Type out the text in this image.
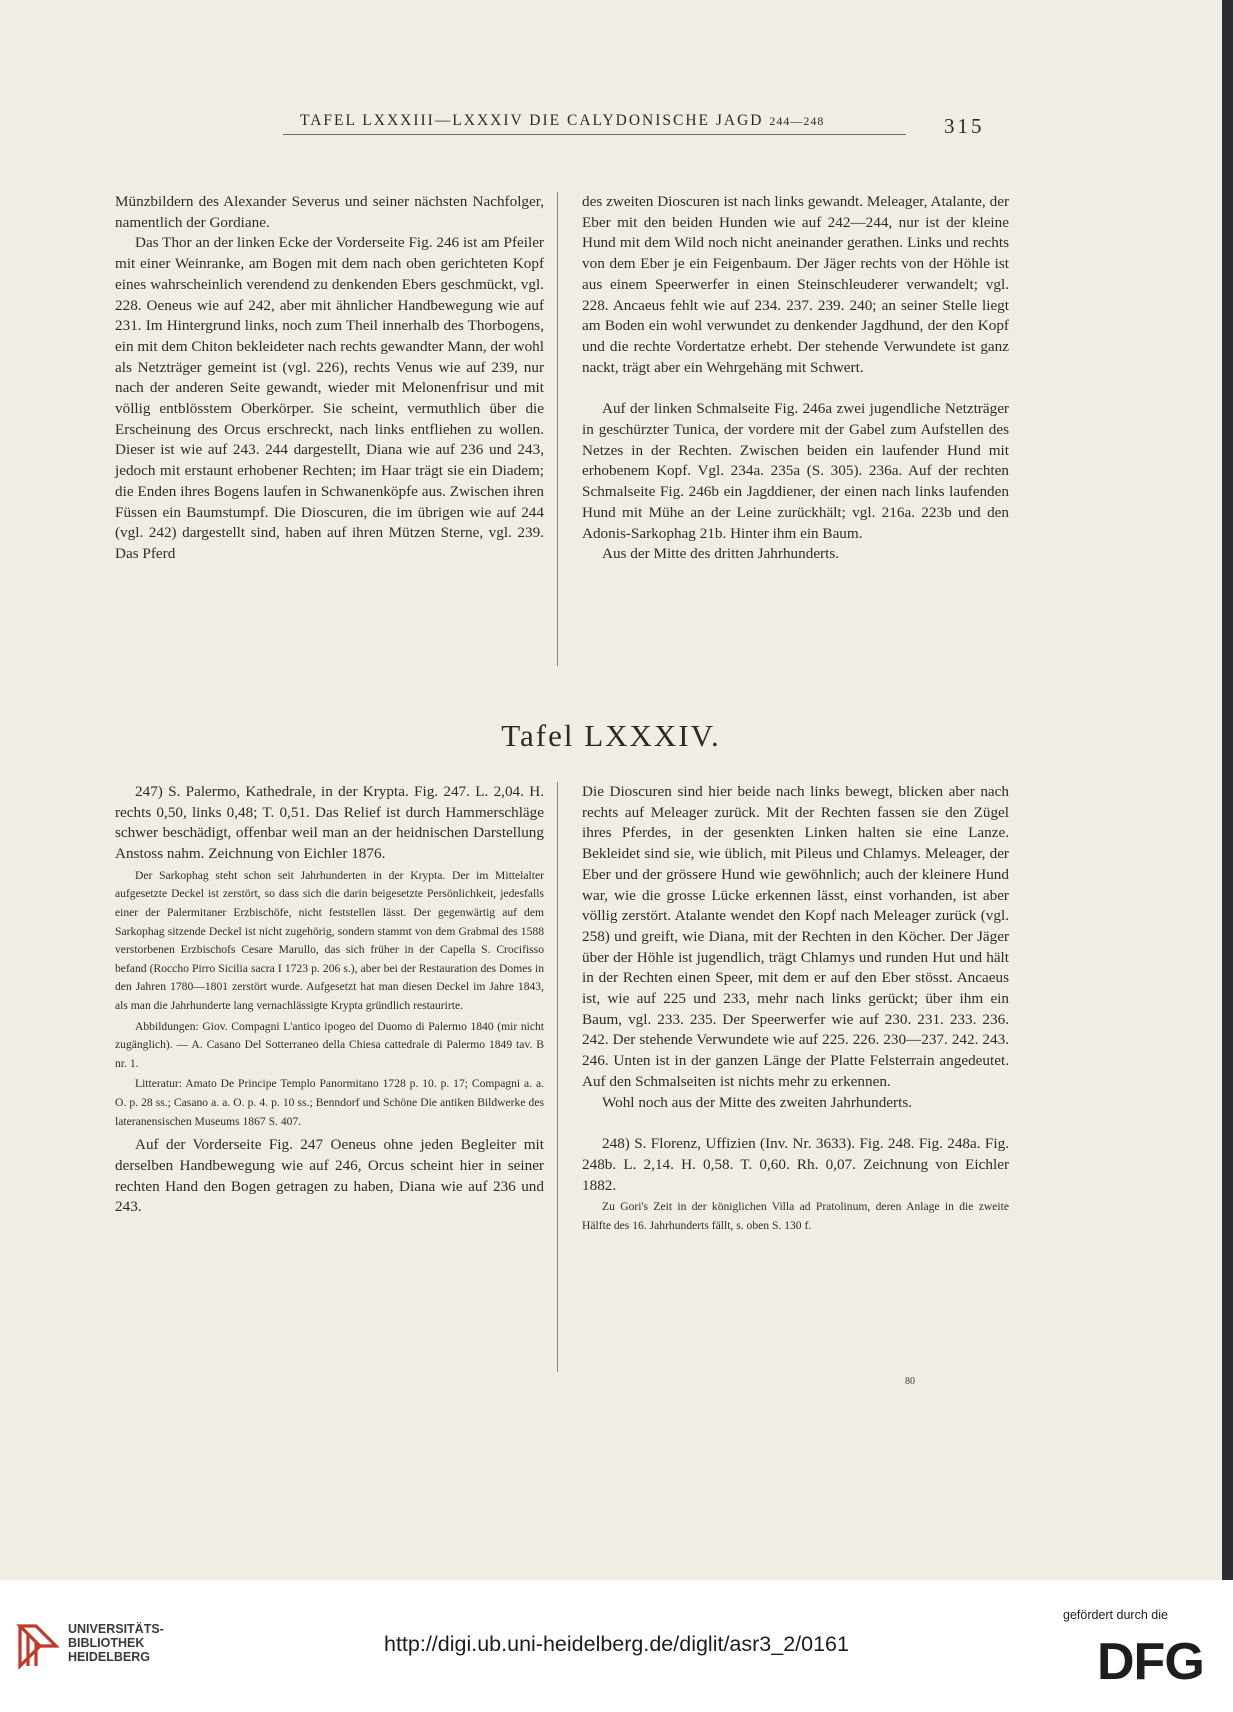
TAFEL LXXXIII—LXXXIV DIE CALYDONISCHE JAGD 244—248	315

Münzbildern des Alexander Severus und seiner nächsten Nachfolger, namentlich der Gordiane.

Das Thor an der linken Ecke der Vorderseite Fig. 246 ist am Pfeiler mit einer Weinranke, am Bogen mit dem nach oben gerichteten Kopf eines wahrscheinlich verendend zu denkenden Ebers geschmückt, vgl. 228. Oeneus wie auf 242, aber mit ähnlicher Handbewegung wie auf 231. Im Hintergrund links, noch zum Theil innerhalb des Thorbogens, ein mit dem Chiton bekleideter nach rechts gewandter Mann, der wohl als Netzträger gemeint ist (vgl. 226), rechts Venus wie auf 239, nur nach der anderen Seite gewandt, wieder mit Melonenfrisur und mit völlig entblösstem Oberkörper. Sie scheint, vermuthlich über die Erscheinung des Orcus erschreckt, nach links entfliehen zu wollen. Dieser ist wie auf 243. 244 dargestellt, Diana wie auf 236 und 243, jedoch mit erstaunt erhobener Rechten; im Haar trägt sie ein Diadem; die Enden ihres Bogens laufen in Schwanenköpfe aus. Zwischen ihren Füssen ein Baumstumpf. Die Dioscuren, die im übrigen wie auf 244 (vgl. 242) dargestellt sind, haben auf ihren Mützen Sterne, vgl. 239. Das Pferd

des zweiten Dioscuren ist nach links gewandt. Meleager, Atalante, der Eber mit den beiden Hunden wie auf 242—244, nur ist der kleine Hund mit dem Wild noch nicht aneinander gerathen. Links und rechts von dem Eber je ein Feigenbaum. Der Jäger rechts von der Höhle ist aus einem Speerwerfer in einen Steinschleuderer verwandelt; vgl. 228. Ancaeus fehlt wie auf 234. 237. 239. 240; an seiner Stelle liegt am Boden ein wohl verwundet zu denkender Jagdhund, der den Kopf und die rechte Vordertatze erhebt. Der stehende Verwundete ist ganz nackt, trägt aber ein Wehrgehäng mit Schwert.

Auf der linken Schmalseite Fig. 246a zwei jugendliche Netzträger in geschürzter Tunica, der vordere mit der Gabel zum Aufstellen des Netzes in der Rechten. Zwischen beiden ein laufender Hund mit erhobenem Kopf. Vgl. 234a. 235a (S. 305). 236a. Auf der rechten Schmalseite Fig. 246b ein Jagddiener, der einen nach links laufenden Hund mit Mühe an der Leine zurückhält; vgl. 216a. 223b und den Adonis-Sarkophag 21b. Hinter ihm ein Baum.

Aus der Mitte des dritten Jahrhunderts.

Tafel LXXXIV.

247) S. Palermo, Kathedrale, in der Krypta. Fig. 247. L. 2,04. H. rechts 0,50, links 0,48; T. 0,51. Das Relief ist durch Hammerschläge schwer beschädigt, offenbar weil man an der heidnischen Darstellung Anstoss nahm. Zeichnung von Eichler 1876.

Der Sarkophag steht schon seit Jahrhunderten in der Krypta. Der im Mittelalter aufgesetzte Deckel ist zerstört, so dass sich die darin beigesetzte Persönlichkeit, jedesfalls einer der Palermitaner Erzbischöfe, nicht feststellen lässt. Der gegenwärtig auf dem Sarkophag sitzende Deckel ist nicht zugehörig, sondern stammt von dem Grabmal des 1588 verstorbenen Erzbischofs Cesare Marullo, das sich früher in der Capella S. Crocifisso befand (Roccho Pirro Sicilia sacra I 1723 p. 206 s.), aber bei der Restauration des Domes in den Jahren 1780—1801 zerstört wurde. Aufgesetzt hat man diesen Deckel im Jahre 1843, als man die Jahrhunderte lang vernachlässigte Krypta gründlich restaurirte.

Abbildungen: Giov. Compagni L'antico ipogeo del Duomo di Palermo 1840 (mir nicht zugänglich). — A. Casano Del Sotterraneo della Chiesa cattedrale di Palermo 1849 tav. B nr. 1.

Litteratur: Amato De Principe Templo Panormitano 1728 p. 10. p. 17; Compagni a. a. O. p. 28 ss.; Casano a. a. O. p. 4. p. 10 ss.; Benndorf und Schöne Die antiken Bildwerke des lateranensischen Museums 1867 S. 407.

Auf der Vorderseite Fig. 247 Oeneus ohne jeden Begleiter mit derselben Handbewegung wie auf 246, Orcus scheint hier in seiner rechten Hand den Bogen getragen zu haben, Diana wie auf 236 und 243.

Die Dioscuren sind hier beide nach links bewegt, blicken aber nach rechts auf Meleager zurück. Mit der Rechten fassen sie den Zügel ihres Pferdes, in der gesenkten Linken halten sie eine Lanze. Bekleidet sind sie, wie üblich, mit Pileus und Chlamys. Meleager, der Eber und der grössere Hund wie gewöhnlich; auch der kleinere Hund war, wie die grosse Lücke erkennen lässt, einst vorhanden, ist aber völlig zerstört. Atalante wendet den Kopf nach Meleager zurück (vgl. 258) und greift, wie Diana, mit der Rechten in den Köcher. Der Jäger über der Höhle ist jugendlich, trägt Chlamys und runden Hut und hält in der Rechten einen Speer, mit dem er auf den Eber stösst. Ancaeus ist, wie auf 225 und 233, mehr nach links gerückt; über ihm ein Baum, vgl. 233. 235. Der Speerwerfer wie auf 230. 231. 233. 236. 242. Der stehende Verwundete wie auf 225. 226. 230—237. 242. 243. 246. Unten ist in der ganzen Länge der Platte Felsterrain angedeutet. Auf den Schmalseiten ist nichts mehr zu erkennen.

Wohl noch aus der Mitte des zweiten Jahrhunderts.

248) S. Florenz, Uffizien (Inv. Nr. 3633). Fig. 248. Fig. 248a. Fig. 248b. L. 2,14. H. 0,58. T. 0,60. Rh. 0,07. Zeichnung von Eichler 1882.

Zu Gori's Zeit in der königlichen Villa ad Pratolinum, deren Anlage in die zweite Hälfte des 16. Jahrhunderts fällt, s. oben S. 130 f.

80
UNIVERSITÄTS-
BIBLIOTHEK
HEIDELBERG
http://digi.ub.uni-heidelberg.de/diglit/asr3_2/0161
gefördert durch die
DFG
